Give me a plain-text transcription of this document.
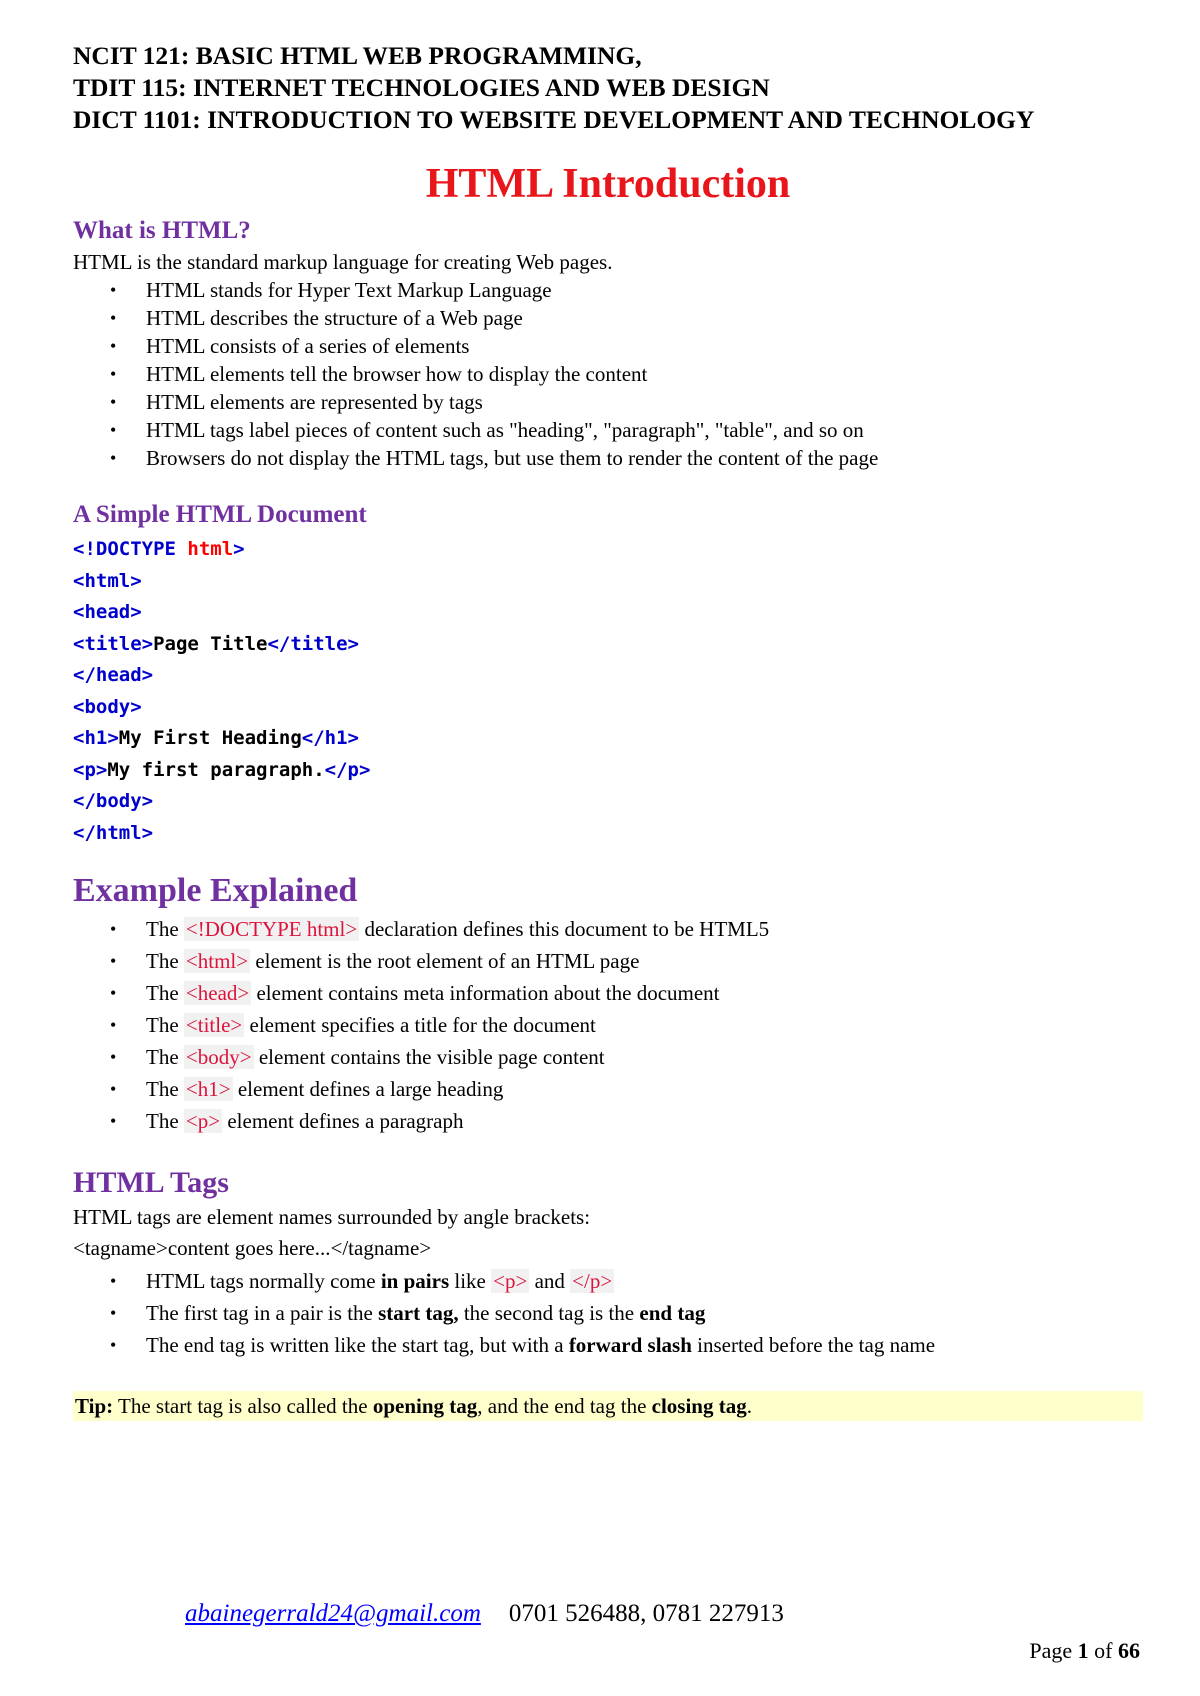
NCIT 121: BASIC HTML WEB PROGRAMMING,
TDIT 115: INTERNET TECHNOLOGIES AND WEB DESIGN
DICT 1101: INTRODUCTION TO WEBSITE DEVELOPMENT AND TECHNOLOGY
HTML Introduction
What is HTML?

HTML is the standard markup language for creating Web pages.

• HTML stands for Hyper Text Markup Language
• HTML describes the structure of a Web page
• HTML consists of a series of elements
• HTML elements tell the browser how to display the content
• HTML elements are represented by tags
• HTML tags label pieces of content such as "heading", "paragraph", "table", and so on
• Browsers do not display the HTML tags, but use them to render the content of the page
A Simple HTML Document
<!DOCTYPE html>
<html>
<head>
<title>Page Title</title>
</head>
<body>
<h1>My First Heading</h1>
<p>My first paragraph.</p>
</body>
</html>
Example Explained
• The <!DOCTYPE html> declaration defines this document to be HTML5
• The <html> element is the root element of an HTML page
• The <head> element contains meta information about the document
• The <title> element specifies a title for the document
• The <body> element contains the visible page content
• The <h1> element defines a large heading
• The <p> element defines a paragraph
HTML Tags

HTML tags are element names surrounded by angle brackets:

<tagname>content goes here...</tagname>

• HTML tags normally come in pairs like <p> and </p>
• The first tag in a pair is the start tag, the second tag is the end tag
• The end tag is written like the start tag, but with a forward slash inserted before the tag name
Tip: The start tag is also called the opening tag, and the end tag the closing tag.
abainegerrald24@gmail.com 0701 526488, 0781 227913
Page 1 of 66
